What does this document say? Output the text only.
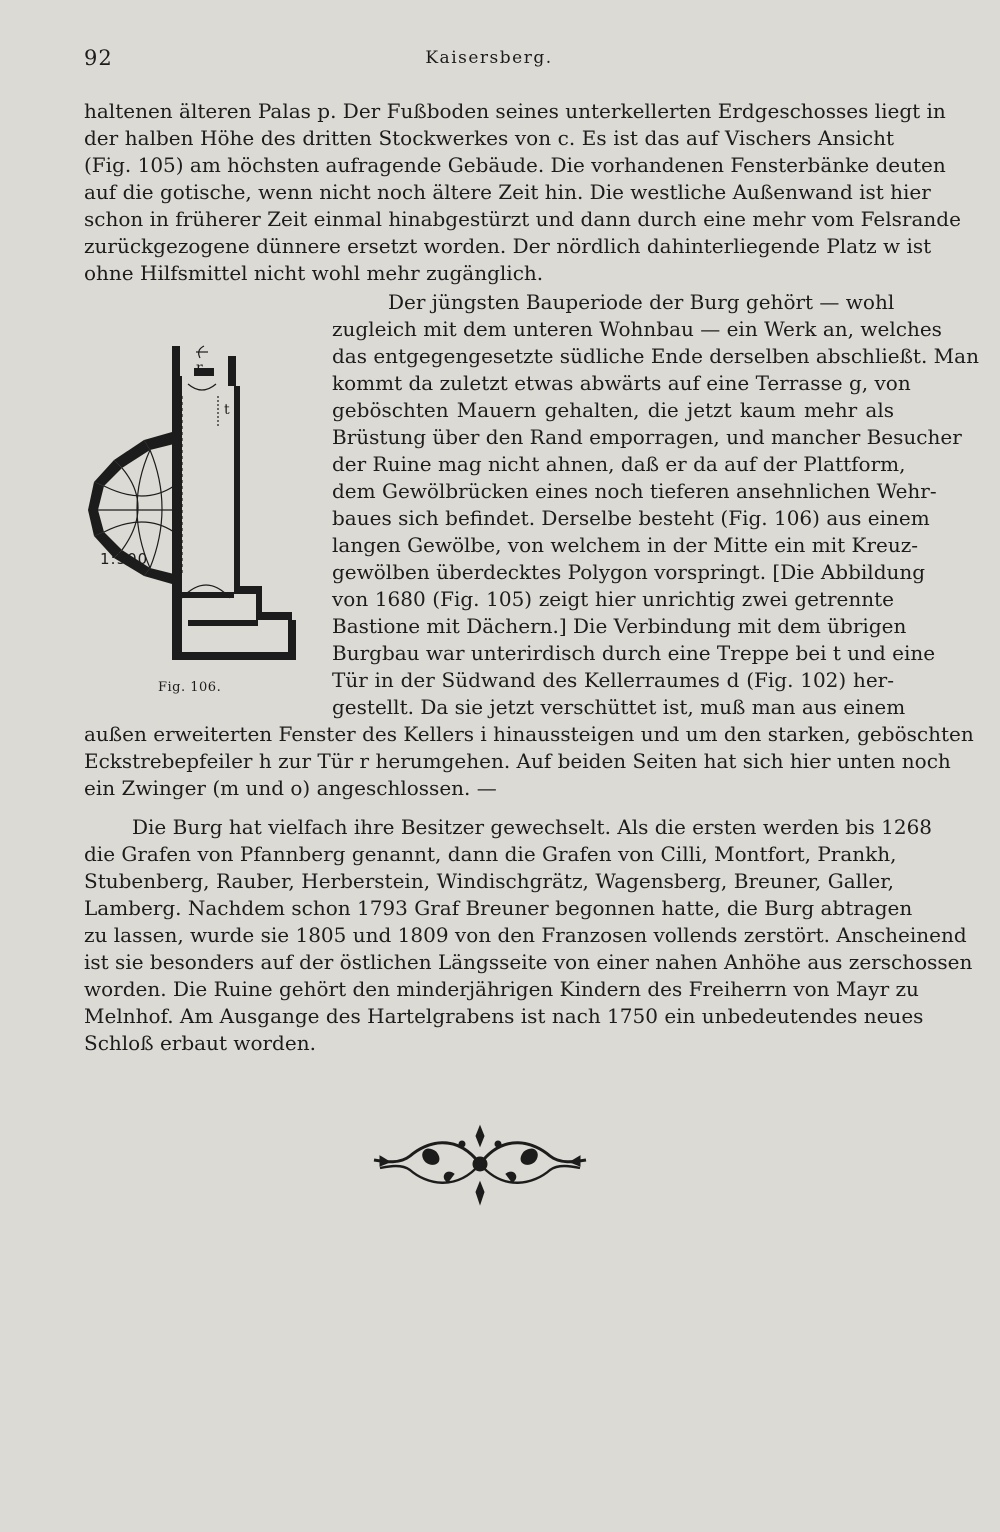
92	Kaisersberg.
haltenen älteren Palas p. Der Fußboden seines unterkellerten Erdgeschosses liegt in
der halben Höhe des dritten Stockwerkes von c. Es ist das auf Vischers Ansicht
(Fig. 105) am höchsten aufragende Gebäude. Die vorhandenen Fensterbänke deuten
auf die gotische, wenn nicht noch ältere Zeit hin. Die westliche Außenwand ist hier
schon in früherer Zeit einmal hinabgestürzt und dann durch eine mehr vom Felsrande
zurückgezogene dünnere ersetzt worden. Der nördlich dahinterliegende Platz w ist
ohne Hilfsmittel nicht wohl mehr zugänglich.
Der jüngsten Bauperiode der Burg gehört — wohl
zugleich mit dem unteren Wohnbau — ein Werk an, welches
das entgegengesetzte südliche Ende derselben abschließt. Man
kommt da zuletzt etwas abwärts auf eine Terrasse g, von
geböschten Mauern gehalten, die jetzt kaum mehr als
Brüstung über den Rand emporragen, und mancher Besucher
der Ruine mag nicht ahnen, daß er da auf der Plattform,
dem Gewölbrücken eines noch tieferen ansehnlichen Wehr-
baues sich befindet. Derselbe besteht (Fig. 106) aus einem
langen Gewölbe, von welchem in der Mitte ein mit Kreuz-
gewölben überdecktes Polygon vorspringt. [Die Abbildung
von 1680 (Fig. 105) zeigt hier unrichtig zwei getrennte
Bastione mit Dächern.] Die Verbindung mit dem übrigen
Burgbau war unterirdisch durch eine Treppe bei t und eine
Tür in der Südwand des Kellerraumes d (Fig. 102) her-
gestellt. Da sie jetzt verschüttet ist, muß man aus einem
außen erweiterten Fenster des Kellers i hinaussteigen und um den starken, geböschten
Eckstrebepfeiler h zur Tür r herumgehen. Auf beiden Seiten hat sich hier unten noch
ein Zwinger (m und o) angeschlossen. —
Die Burg hat vielfach ihre Besitzer gewechselt. Als die ersten werden bis 1268
die Grafen von Pfannberg genannt, dann die Grafen von Cilli, Montfort, Prankh,
Stubenberg, Rauber, Herberstein, Windischgrätz, Wagensberg, Breuner, Galler,
Lamberg. Nachdem schon 1793 Graf Breuner begonnen hatte, die Burg abtragen
zu lassen, wurde sie 1805 und 1809 von den Franzosen vollends zerstört. Anscheinend
ist sie besonders auf der östlichen Längsseite von einer nahen Anhöhe aus zerschossen
worden. Die Ruine gehört den minderjährigen Kindern des Freiherrn von Mayr zu
Melnhof. Am Ausgange des Hartelgrabens ist nach 1750 ein unbedeutendes neues
Schloß erbaut worden.
r
t
1:500
Fig. 106.
